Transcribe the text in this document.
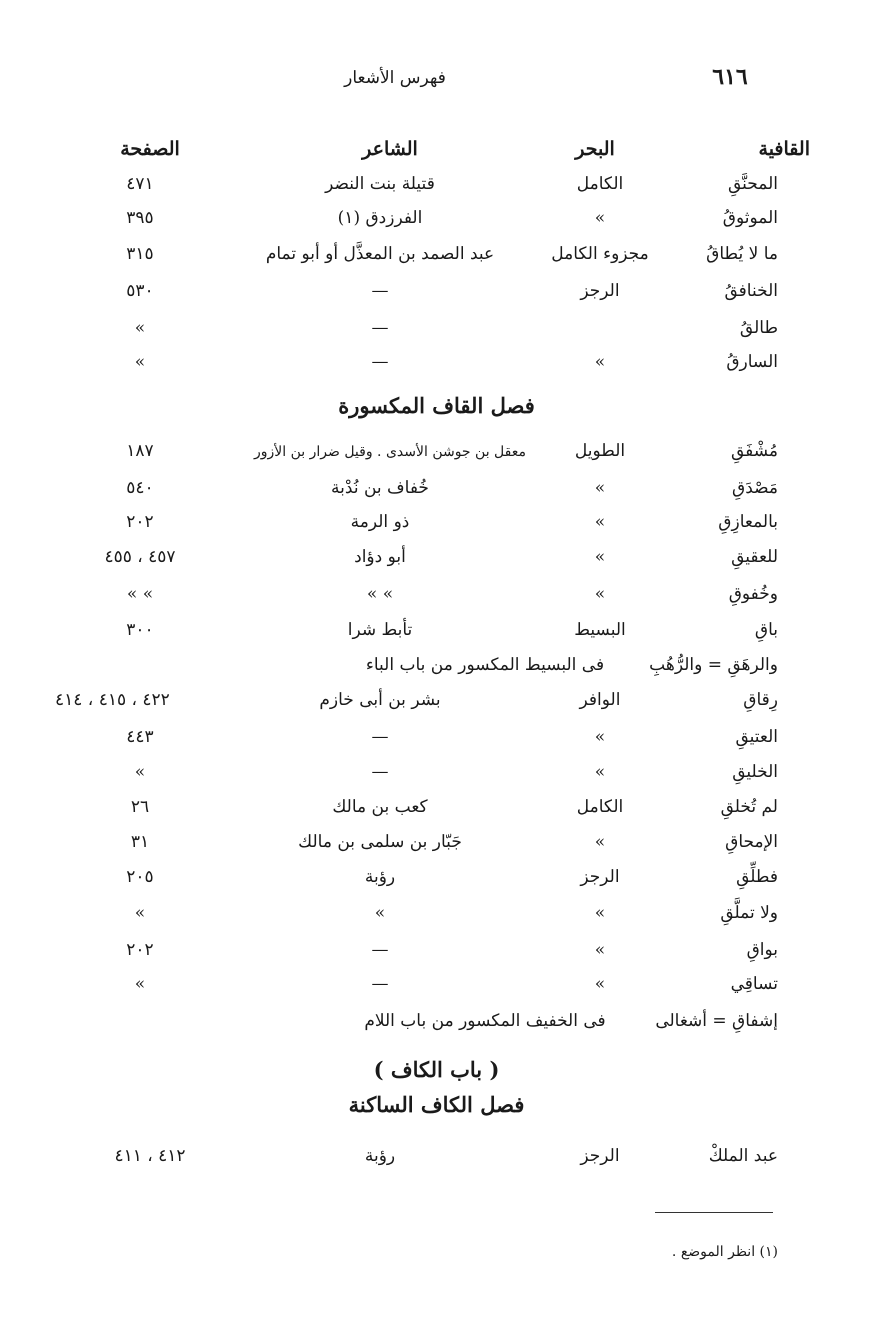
فهرس الأشعار	٦١٦
القافية
البحر
الشاعر
الصفحة
المحنَّقِ
الكامل
قتيلة بنت النضر
٤٧١
الموثوقُ
»
الفرزدق (١)
٣٩٥
ما لا يُطاقُ
مجزوء الكامل
عبد الصمد بن المعذَّل أو أبو تمام
٣١٥
الخنافقُ
الرجز
—
٥٣٠
طالقُ
—
»
السارقُ
»
—
»
فصل القاف المكسورة
مُشْفَقِ
الطويل
معقل بن جوشن الأسدى . وقيل ضرار بن الأزور
١٨٧
مَصْدَقِ
»
خُفاف بن نُدْبة
٥٤٠
بالمعازِقِ
»
ذو الرمة
٢٠٢
للعقيقِ
»
أبو دؤاد
٤٥٧ ، ٤٥٥
وخُفوقِ
»
» »
» »
باقِ
البسيط
تأبط شرا
٣٠٠
والرهَقِ = والرُّهُبِ
فى البسيط المكسور من باب الباء
رِقاقِ
الوافر
بشر بن أبى خازم
٤٢٢ ، ٤١٥ ، ٤١٤
العتيقِ
»
—
٤٤٣
الخليقِ
»
—
»
لم تُخلقِ
الكامل
كعب بن مالك
٢٦
الإمحاقِ
»
جَبّار بن سلمى بن مالك
٣١
فطلِّقِ
الرجز
رؤبة
٢٠٥
ولا تملَّقِ
»
»
»
بواقِ
»
—
٢٠٢
تساقِي
»
—
»
إشفاقِ = أشغالى
فى الخفيف المكسور من باب اللام
( باب الكاف )
فصل الكاف الساكنة
عبد الملكْ
الرجز
رؤبة
٤١٢ ، ٤١١
(١) انظر الموضع .
